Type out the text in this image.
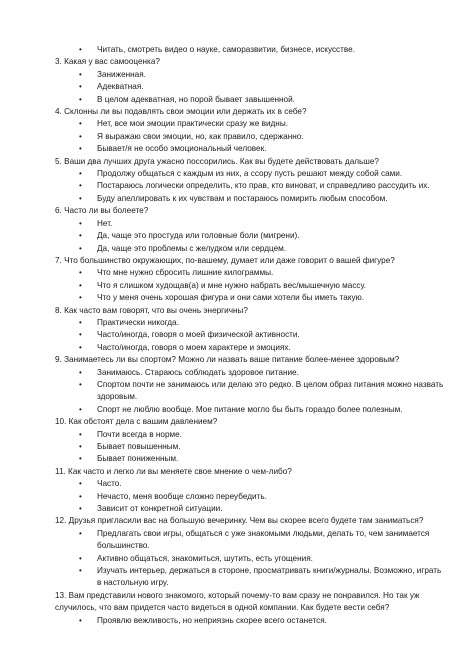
• Читать, смотреть видео о науке, саморазвитии, бизнесе, искусстве.

3. Какая у вас самооценка?

• Заниженная.
• Адекватная.
• В целом адекватная, но порой бывает завышенной.

4. Склонны ли вы подавлять свои эмоции или держать их в себе?

• Нет, все мои эмоции практически сразу же видны.
• Я выражаю свои эмоции, но, как правило, сдержанно.
• Бывает/я не особо эмоциональный человек.

5. Ваши два лучших друга ужасно поссорились. Как вы будете действовать дальше?

• Продолжу общаться с каждым из них, а ссору пусть решают между собой сами.
• Постараюсь логически определить, кто прав, кто виноват, и справедливо рассудить их.
• Буду апеллировать к их чувствам и постараюсь помирить любым способом.

6. Часто ли вы болеете?

• Нет.
• Да, чаще это простуда или головные боли (мигрени).
• Да, чаще это проблемы с желудком или сердцем.

7. Что большинство окружающих, по-вашему, думает или даже говорит о вашей фигуре?

• Что мне нужно сбросить лишние килограммы.
• Что я слишком худощав(а) и мне нужно набрать вес/мышечную массу.
• Что у меня очень хорошая фигура и они сами хотели бы иметь такую.

8. Как часто вам говорят, что вы очень энергичны?

• Практически никогда.
• Часто/иногда, говоря о моей физической активности.
• Часто/иногда, говоря о моем характере и эмоциях.

9. Занимаетесь ли вы спортом? Можно ли назвать ваше питание более-менее здоровым?

• Занимаюсь. Стараюсь соблюдать здоровое питание.
• Спортом почти не занимаюсь или делаю это редко. В целом образ питания можно назвать здоровым.
• Спорт не люблю вообще. Мое питание могло бы быть гораздо более полезным.

10. Как обстоят дела с вашим давлением?

• Почти всегда в норме.
• Бывает повышенным.
• Бывает пониженным.

11. Как часто и легко ли вы меняете свое мнение о чем-либо?

• Часто.
• Нечасто, меня вообще сложно переубедить.
• Зависит от конкретной ситуации.

12. Друзья пригласили вас на большую вечеринку. Чем вы скорее всего будете там заниматься?

• Предлагать свои игры, общаться с уже знакомыми людьми, делать то, чем занимается большинство.
• Активно общаться, знакомиться, шутить, есть угощения.
• Изучать интерьер, держаться в стороне, просматривать книги/журналы. Возможно, играть в настольную игру.

13. Вам представили нового знакомого, который почему-то вам сразу не понравился. Но так уж случилось, что вам придется часто видеться в одной компании. Как будете вести себя?

• Проявлю вежливость, но неприязнь скорее всего останется.
